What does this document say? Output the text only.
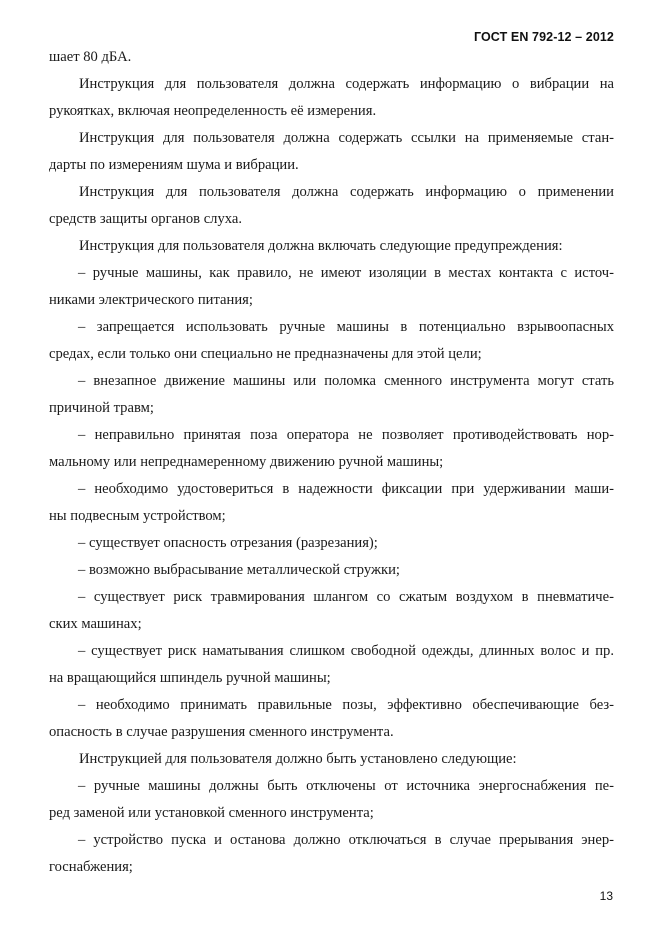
ГОСТ EN 792-12 – 2012
шает 80 дБА.
Инструкция для пользователя должна содержать информацию о вибрации на
рукоятках, включая неопределенность её измерения.
Инструкция для пользователя должна содержать ссылки на применяемые стан-
дарты по измерениям шума и вибрации.
Инструкция для пользователя должна содержать информацию о применении
средств защиты органов слуха.
Инструкция для пользователя должна включать следующие предупреждения:
– ручные машины, как правило, не имеют изоляции в местах контакта с источ-
никами электрического питания;
– запрещается использовать ручные машины в потенциально взрывоопасных
средах, если только они специально не предназначены для этой цели;
– внезапное движение машины или поломка сменного инструмента могут стать
причиной травм;
– неправильно принятая поза оператора не позволяет противодействовать нор-
мальному или непреднамеренному движению ручной машины;
– необходимо удостовериться в надежности фиксации при удерживании маши-
ны подвесным устройством;
– существует опасность отрезания (разрезания);
– возможно выбрасывание металлической стружки;
– существует риск травмирования шлангом со сжатым воздухом в пневматиче-
ских машинах;
– существует риск наматывания слишком свободной одежды, длинных волос и пр.
на вращающийся шпиндель ручной машины;
– необходимо принимать правильные позы, эффективно обеспечивающие без-
опасность в случае разрушения сменного инструмента.
Инструкцией для пользователя должно быть установлено следующие:
– ручные машины должны быть отключены от источника энергоснабжения пе-
ред заменой или установкой сменного инструмента;
– устройство пуска и останова должно отключаться в случае прерывания энер-
госнабжения;
13
